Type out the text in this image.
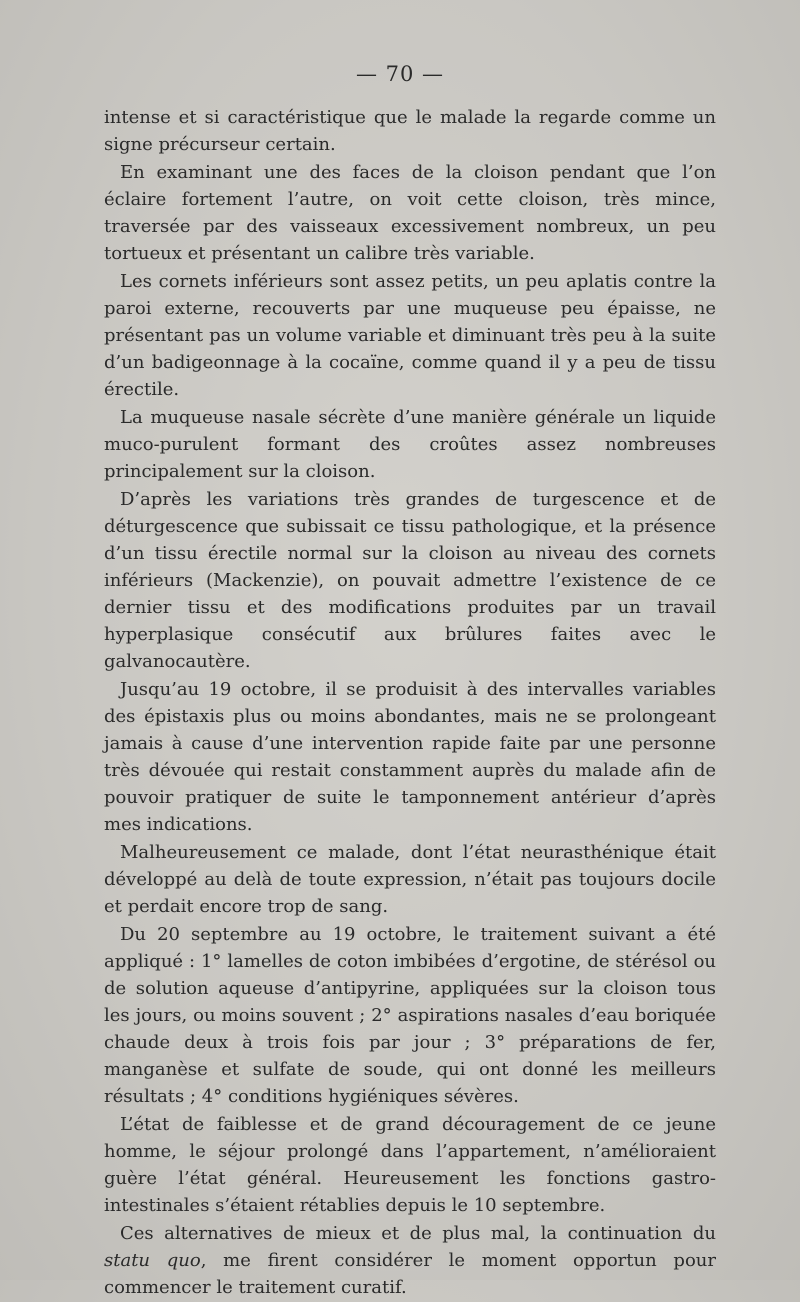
— 70 —

intense et si caractéristique que le malade la regarde comme un signe précurseur certain.

En examinant une des faces de la cloison pendant que l’on éclaire fortement l’autre, on voit cette cloison, très mince, traversée par des vaisseaux excessivement nombreux, un peu tortueux et présentant un calibre très variable.

Les cornets inférieurs sont assez petits, un peu aplatis contre la paroi externe, recouverts par une muqueuse peu épaisse, ne présentant pas un volume variable et diminuant très peu à la suite d’un badigeonnage à la cocaïne, comme quand il y a peu de tissu érectile.

La muqueuse nasale sécrète d’une manière générale un liquide muco-purulent formant des croûtes assez nombreuses principalement sur la cloison.

D’après les variations très grandes de turgescence et de déturgescence que subissait ce tissu pathologique, et la présence d’un tissu érectile normal sur la cloison au niveau des cornets inférieurs (Mackenzie), on pouvait admettre l’existence de ce dernier tissu et des modifications produites par un travail hyperplasique consécutif aux brûlures faites avec le galvanocautère.

Jusqu’au 19 octobre, il se produisit à des intervalles variables des épistaxis plus ou moins abondantes, mais ne se prolongeant jamais à cause d’une intervention rapide faite par une personne très dévouée qui restait constamment auprès du malade afin de pouvoir pratiquer de suite le tamponnement antérieur d’après mes indications.

Malheureusement ce malade, dont l’état neurasthénique était développé au delà de toute expression, n’était pas toujours docile et perdait encore trop de sang.

Du 20 septembre au 19 octobre, le traitement suivant a été appliqué : 1° lamelles de coton imbibées d’ergotine, de stérésol ou de solution aqueuse d’antipyrine, appliquées sur la cloison tous les jours, ou moins souvent ; 2° aspirations nasales d’eau boriquée chaude deux à trois fois par jour ; 3° préparations de fer, manganèse et sulfate de soude, qui ont donné les meilleurs résultats ; 4° conditions hygiéniques sévères.

L’état de faiblesse et de grand découragement de ce jeune homme, le séjour prolongé dans l’appartement, n’amélioraient guère l’état général. Heureusement les fonctions gastro-intestinales s’étaient rétablies depuis le 10 septembre.

Ces alternatives de mieux et de plus mal, la continuation du statu quo, me firent considérer le moment opportun pour commencer le traitement curatif.
